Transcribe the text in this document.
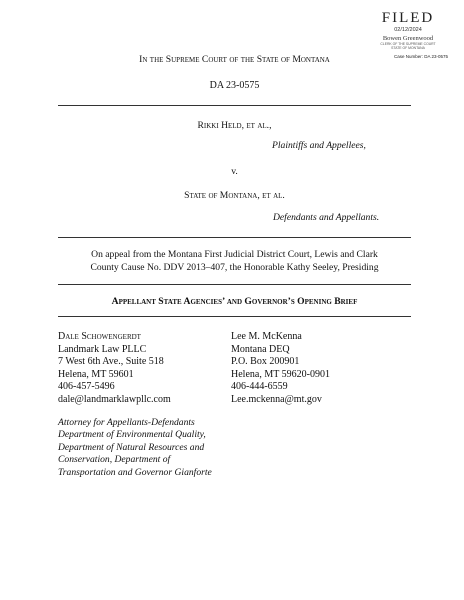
FILED
02/12/2024
Bowen Greenwood
CLERK OF THE SUPREME COURT
STATE OF MONTANA
Case Number: DA 23-0575
In the Supreme Court of the State of Montana
DA 23-0575
Rikki Held, et al.,
Plaintiffs and Appellees,
v.
State of Montana, et al.
Defendants and Appellants.
On appeal from the Montana First Judicial District Court, Lewis and Clark
County Cause No. DDV 2013–407, the Honorable Kathy Seeley, Presiding
Appellant State Agencies’ and Governor’s Opening Brief
Dale Schowengerdt
Landmark Law PLLC
7 West 6th Ave., Suite 518
Helena, MT 59601
406-457-5496
dale@landmarklawpllc.com
Lee M. McKenna
Montana DEQ
P.O. Box 200901
Helena, MT 59620-0901
406-444-6559
Lee.mckenna@mt.gov
Attorney for Appellants-Defendants
Department of Environmental Quality,
Department of Natural Resources and
Conservation, Department of
Transportation and Governor Gianforte
